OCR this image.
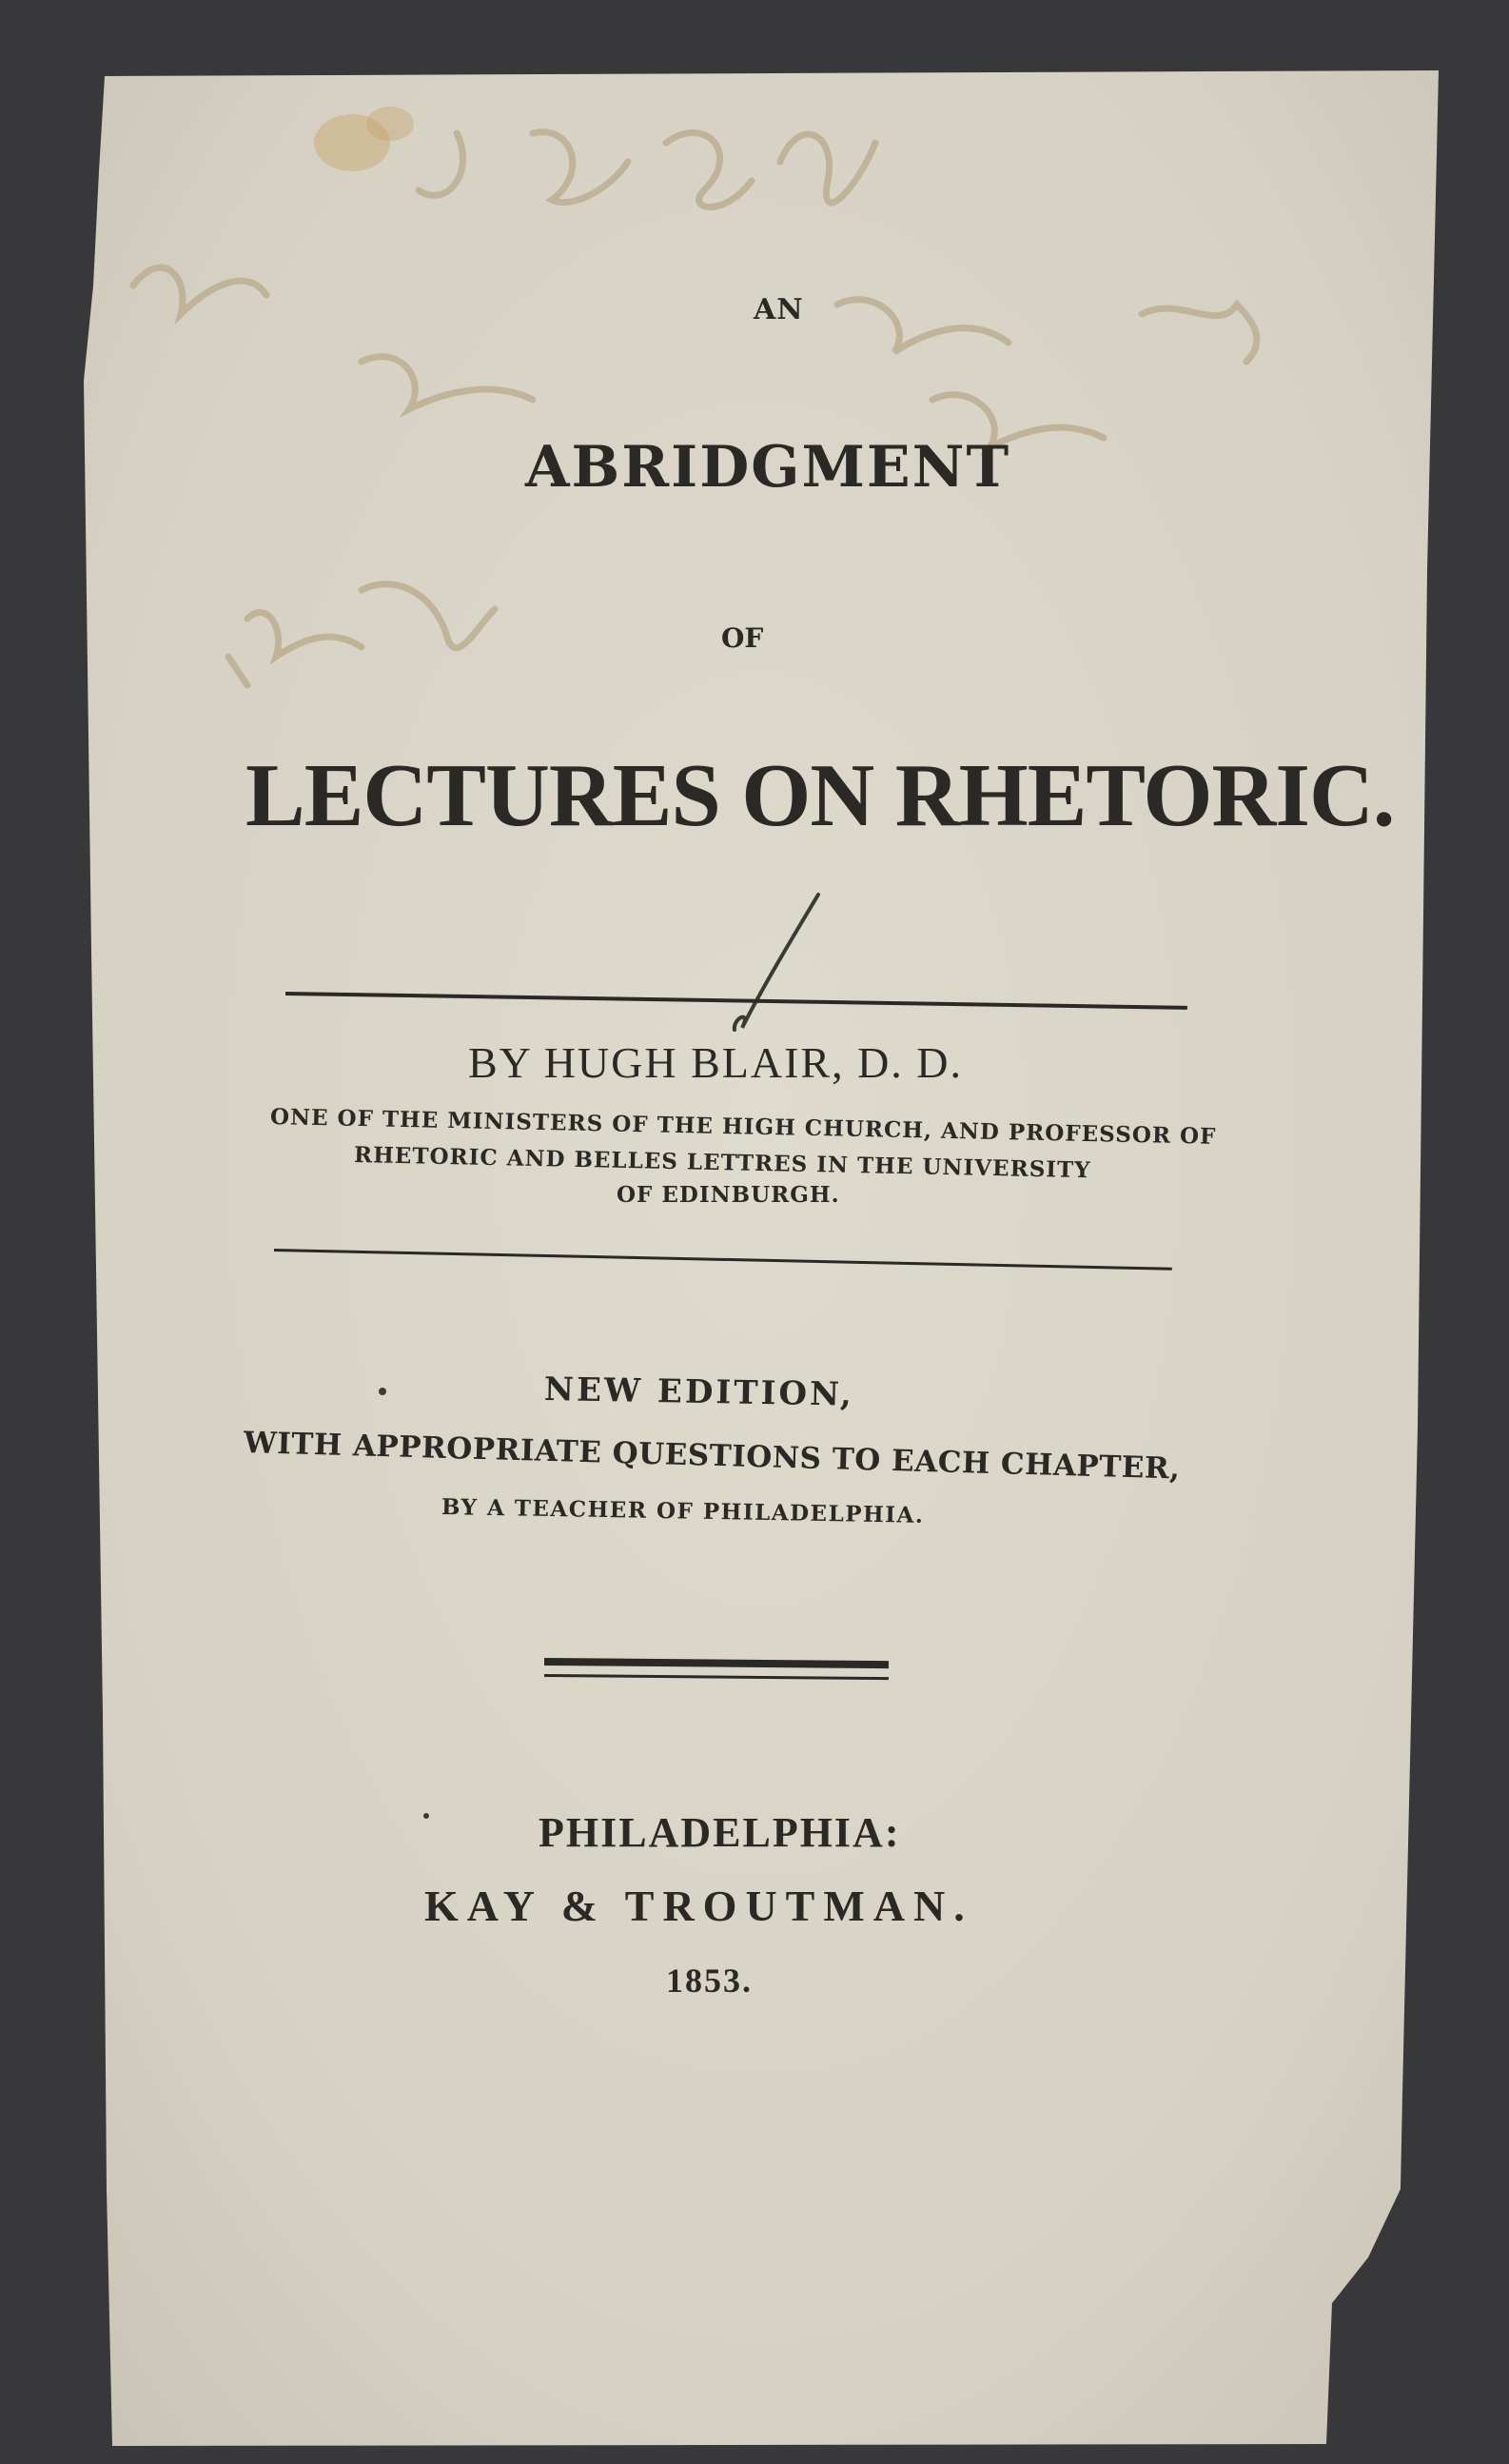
AN
ABRIDGMENT
OF
LECTURES ON RHETORIC.
BY HUGH BLAIR, D. D.
ONE OF THE MINISTERS OF THE HIGH CHURCH, AND PROFESSOR OF
RHETORIC AND BELLES LETTRES IN THE UNIVERSITY
OF EDINBURGH.
NEW EDITION,
WITH APPROPRIATE QUESTIONS TO EACH CHAPTER,
BY A TEACHER OF PHILADELPHIA.
PHILADELPHIA:
KAY & TROUTMAN.
1853.
